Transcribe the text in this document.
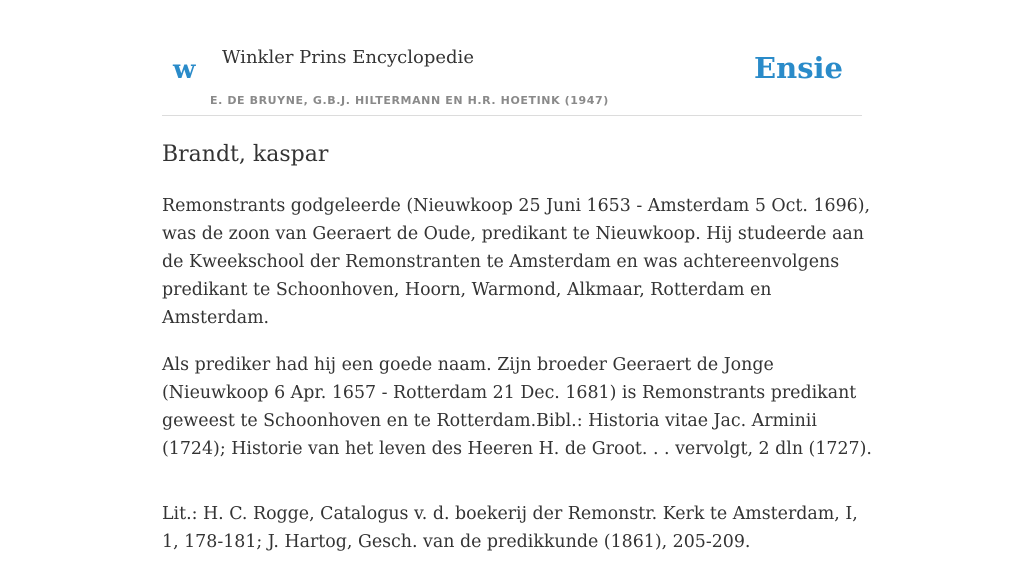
w Winkler Prins Encyclopedie
E. DE BRUYNE, G.B.J. HILTERMANN EN H.R. HOETINK (1947)
Ensie
Brandt, kaspar

Remonstrants godgeleerde (Nieuwkoop 25 Juni 1653 - Amsterdam 5 Oct. 1696), was de zoon van Geeraert de Oude, predikant te Nieuwkoop. Hij studeerde aan de Kweekschool der Remonstranten te Amsterdam en was achtereenvolgens predikant te Schoonhoven, Hoorn, Warmond, Alkmaar, Rotterdam en Amsterdam.

Als prediker had hij een goede naam. Zijn broeder Geeraert de Jonge (Nieuwkoop 6 Apr. 1657 - Rotterdam 21 Dec. 1681) is Remonstrants predikant geweest te Schoonhoven en te Rotterdam.Bibl.: Historia vitae Jac. Arminii (1724); Historie van het leven des Heeren H. de Groot. . . vervolgt, 2 dln (1727).

Lit.: H. C. Rogge, Catalogus v. d. boekerij der Remonstr. Kerk te Amsterdam, I, 1, 178-181; J. Hartog, Gesch. van de predikkunde (1861), 205-209.
